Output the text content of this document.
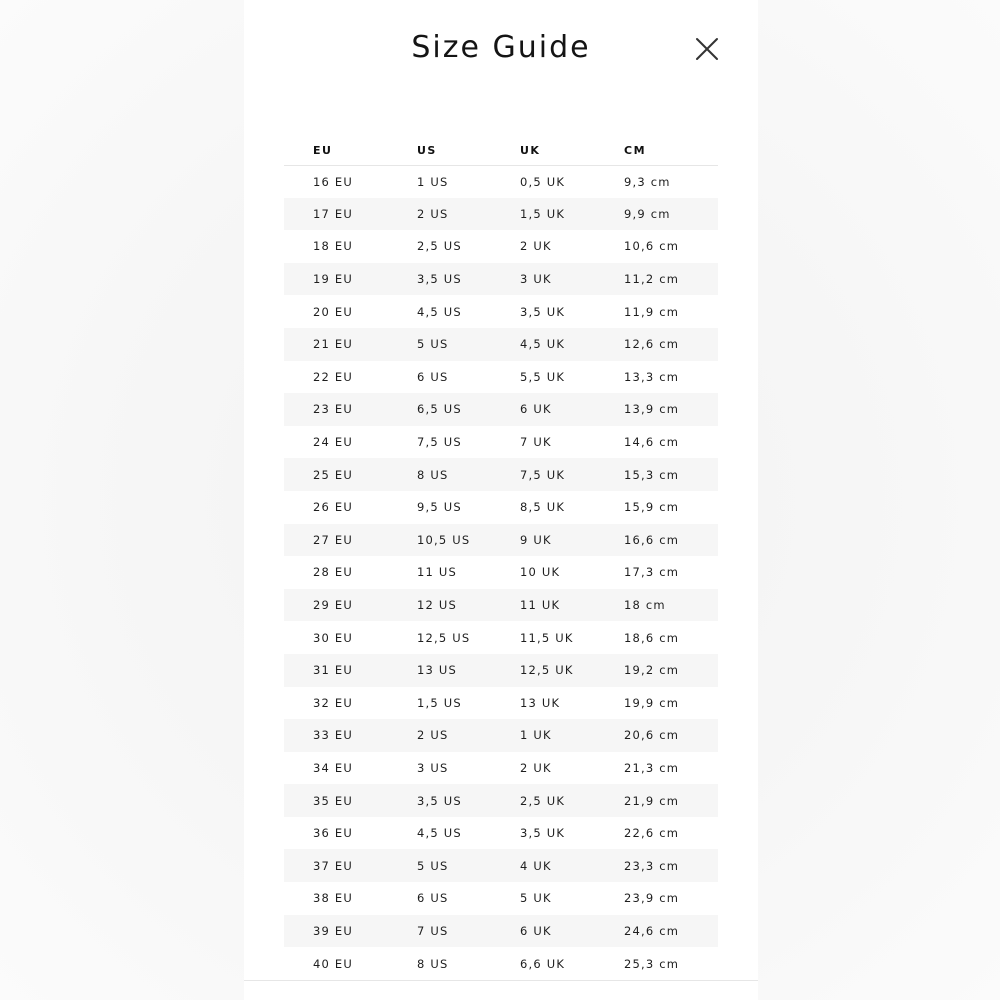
Size Guide
EU	US	UK	CM
16 EU	1 US	0,5 UK	9,3 cm
17 EU	2 US	1,5 UK	9,9 cm
18 EU	2,5 US	2 UK	10,6 cm
19 EU	3,5 US	3 UK	11,2 cm
20 EU	4,5 US	3,5 UK	11,9 cm
21 EU	5 US	4,5 UK	12,6 cm
22 EU	6 US	5,5 UK	13,3 cm
23 EU	6,5 US	6 UK	13,9 cm
24 EU	7,5 US	7 UK	14,6 cm
25 EU	8 US	7,5 UK	15,3 cm
26 EU	9,5 US	8,5 UK	15,9 cm
27 EU	10,5 US	9 UK	16,6 cm
28 EU	11 US	10 UK	17,3 cm
29 EU	12 US	11 UK	18 cm
30 EU	12,5 US	11,5 UK	18,6 cm
31 EU	13 US	12,5 UK	19,2 cm
32 EU	1,5 US	13 UK	19,9 cm
33 EU	2 US	1 UK	20,6 cm
34 EU	3 US	2 UK	21,3 cm
35 EU	3,5 US	2,5 UK	21,9 cm
36 EU	4,5 US	3,5 UK	22,6 cm
37 EU	5 US	4 UK	23,3 cm
38 EU	6 US	5 UK	23,9 cm
39 EU	7 US	6 UK	24,6 cm
40 EU	8 US	6,6 UK	25,3 cm
